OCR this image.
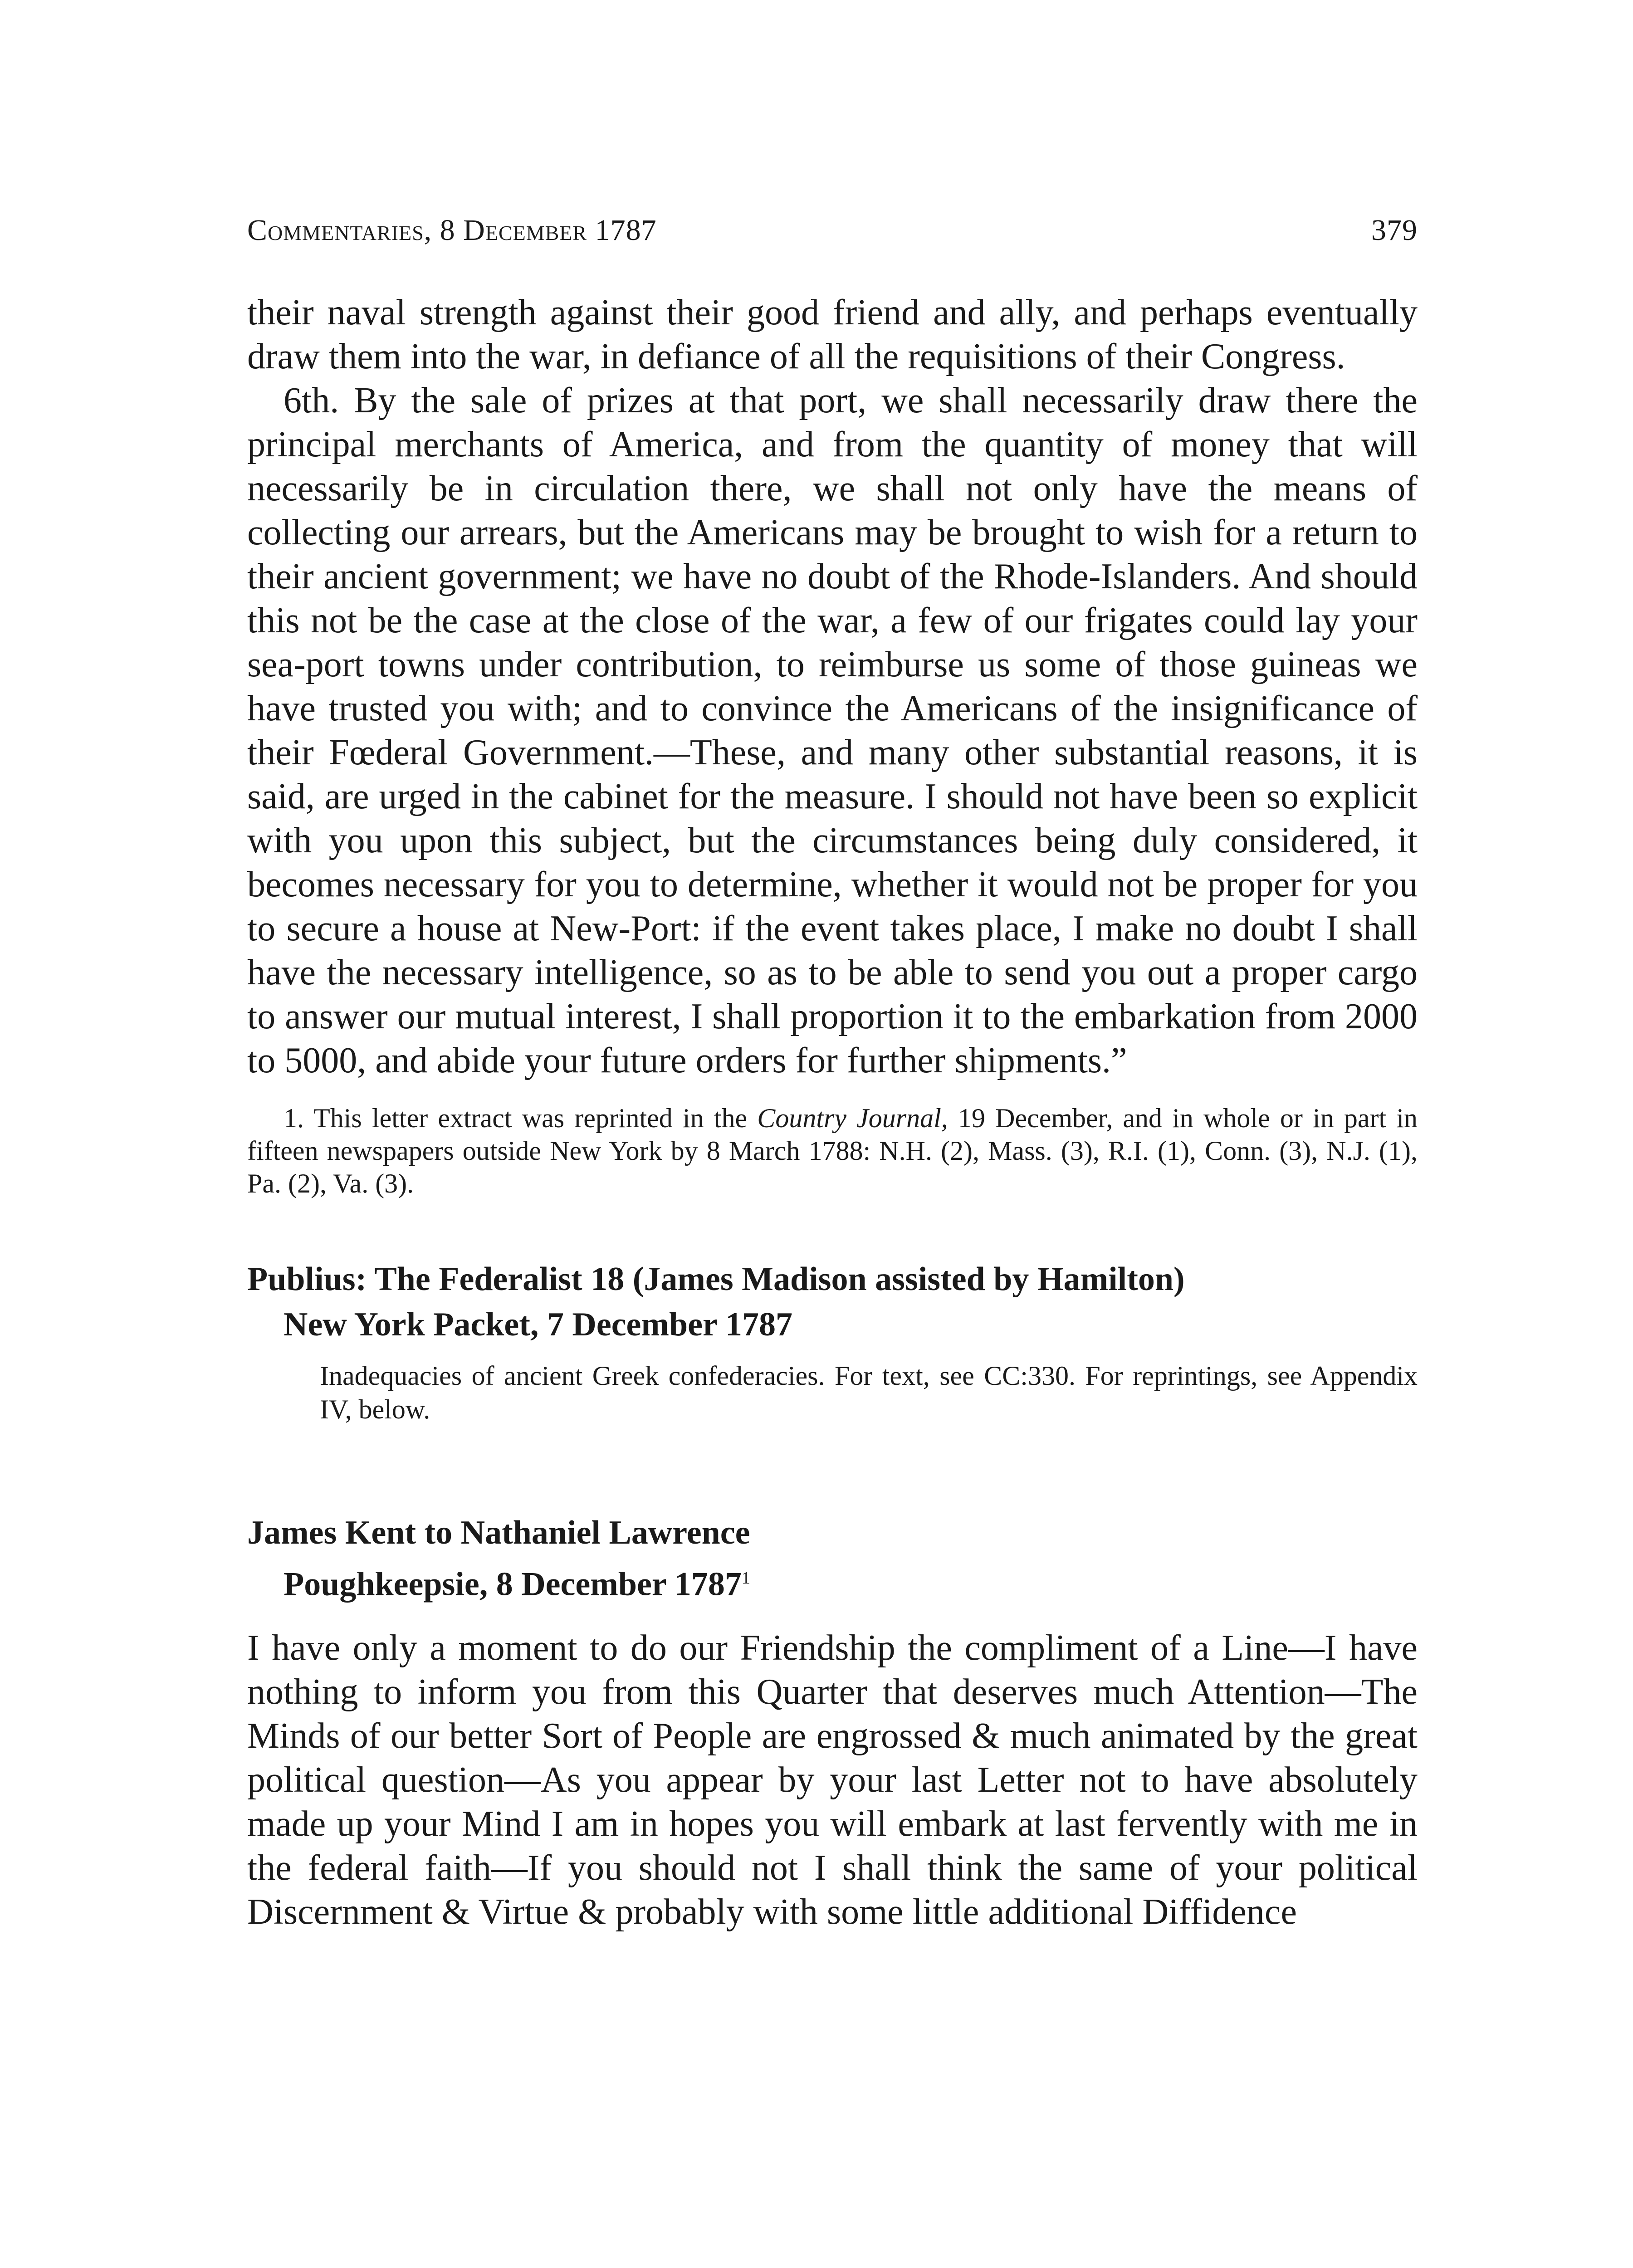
Commentaries, 8 December 1787	379

their naval strength against their good friend and ally, and perhaps eventually draw them into the war, in defiance of all the requisitions of their Congress.

6th. By the sale of prizes at that port, we shall necessarily draw there the principal merchants of America, and from the quantity of money that will necessarily be in circulation there, we shall not only have the means of collecting our arrears, but the Americans may be brought to wish for a return to their ancient government; we have no doubt of the Rhode-Islanders. And should this not be the case at the close of the war, a few of our frigates could lay your sea-port towns under contribution, to reimburse us some of those guineas we have trusted you with; and to convince the Americans of the insignificance of their Fœderal Government.—These, and many other substantial reasons, it is said, are urged in the cabinet for the measure. I should not have been so explicit with you upon this subject, but the circumstances being duly considered, it becomes necessary for you to determine, whether it would not be proper for you to secure a house at New-Port: if the event takes place, I make no doubt I shall have the necessary intelligence, so as to be able to send you out a proper cargo to answer our mutual interest, I shall proportion it to the embarkation from 2000 to 5000, and abide your future orders for further shipments.”

1. This letter extract was reprinted in the Country Journal, 19 December, and in whole or in part in fifteen newspapers outside New York by 8 March 1788: N.H. (2), Mass. (3), R.I. (1), Conn. (3), N.J. (1), Pa. (2), Va. (3).
Publius: The Federalist 18 (James Madison assisted by Hamilton)
New York Packet, 7 December 1787
Inadequacies of ancient Greek confederacies. For text, see CC:330. For reprintings, see Appendix IV, below.
James Kent to Nathaniel Lawrence
Poughkeepsie, 8 December 1787$^1$

I have only a moment to do our Friendship the compliment of a Line—I have nothing to inform you from this Quarter that deserves much Attention—The Minds of our better Sort of People are engrossed & much animated by the great political question—As you appear by your last Letter not to have absolutely made up your Mind I am in hopes you will embark at last fervently with me in the federal faith—If you should not I shall think the same of your political Discernment & Virtue & probably with some little additional Diffidence
